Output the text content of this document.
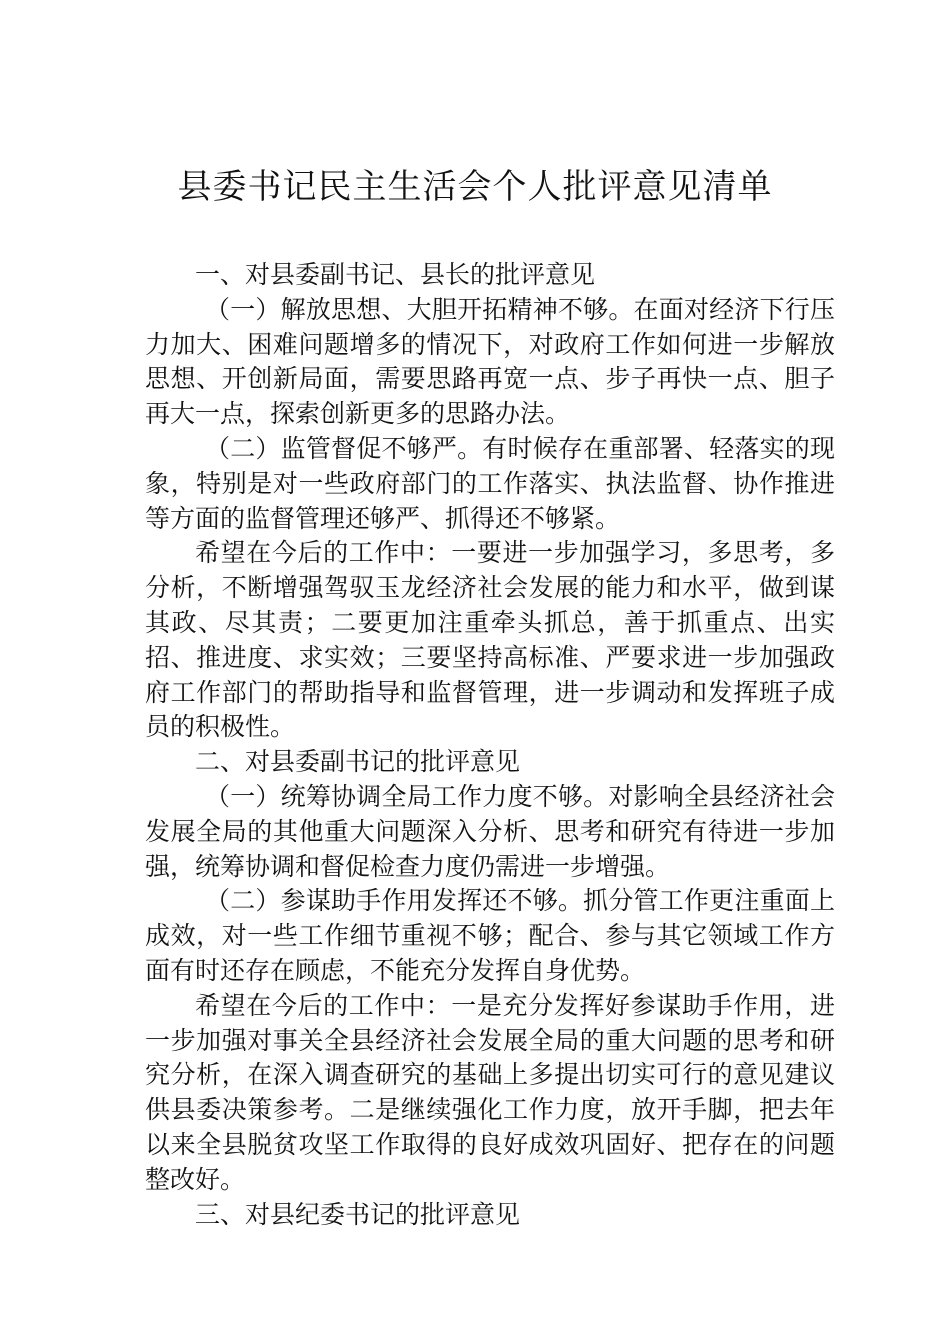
县委书记民主生活会个人批评意见清单

一、对县委副书记、县长的批评意见

（一）解放思想、大胆开拓精神不够。在面对经济下行压力加大、困难问题增多的情况下，对政府工作如何进一步解放思想、开创新局面，需要思路再宽一点、步子再快一点、胆子再大一点，探索创新更多的思路办法。

（二）监管督促不够严。有时候存在重部署、轻落实的现象，特别是对一些政府部门的工作落实、执法监督、协作推进等方面的监督管理还够严、抓得还不够紧。

希望在今后的工作中：一要进一步加强学习，多思考，多分析，不断增强驾驭玉龙经济社会发展的能力和水平，做到谋其政、尽其责；二要更加注重牵头抓总，善于抓重点、出实招、推进度、求实效；三要坚持高标准、严要求进一步加强政府工作部门的帮助指导和监督管理，进一步调动和发挥班子成员的积极性。

二、对县委副书记的批评意见

（一）统筹协调全局工作力度不够。对影响全县经济社会发展全局的其他重大问题深入分析、思考和研究有待进一步加强，统筹协调和督促检查力度仍需进一步增强。

（二）参谋助手作用发挥还不够。抓分管工作更注重面上成效，对一些工作细节重视不够；配合、参与其它领域工作方面有时还存在顾虑，不能充分发挥自身优势。

希望在今后的工作中：一是充分发挥好参谋助手作用，进一步加强对事关全县经济社会发展全局的重大问题的思考和研究分析，在深入调查研究的基础上多提出切实可行的意见建议供县委决策参考。二是继续强化工作力度，放开手脚，把去年以来全县脱贫攻坚工作取得的良好成效巩固好、把存在的问题整改好。

三、对县纪委书记的批评意见
